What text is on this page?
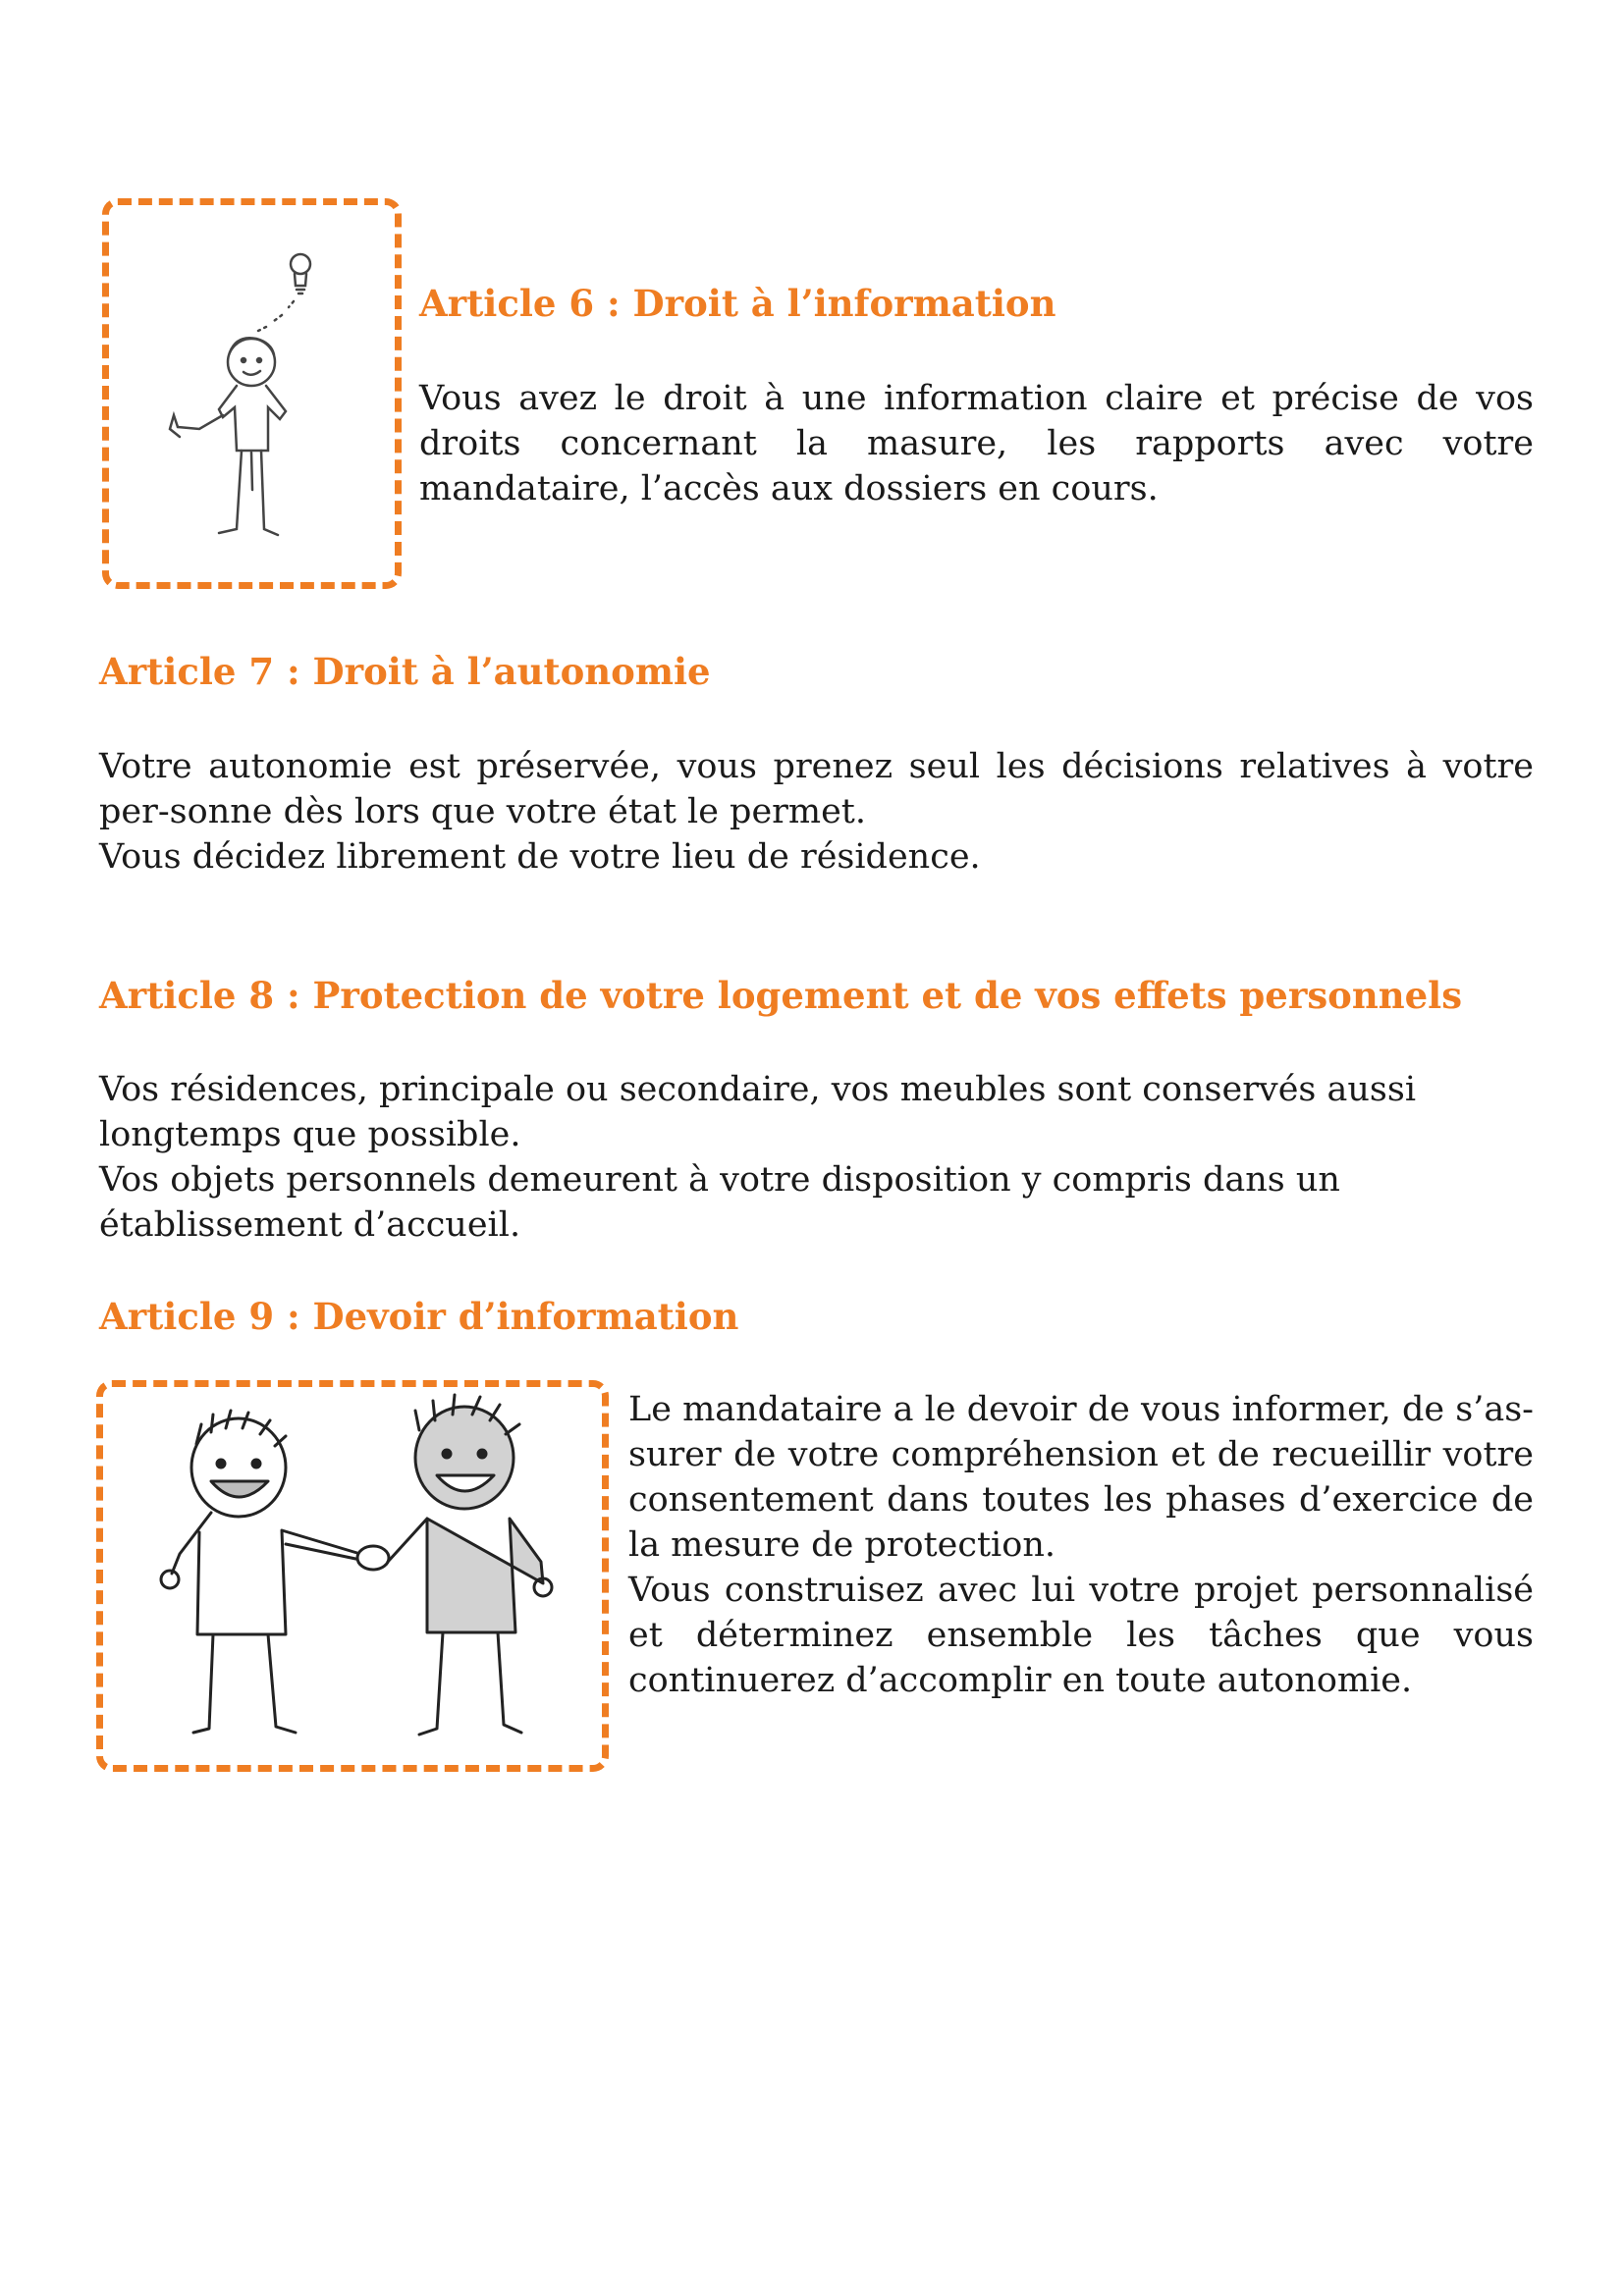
Article 6 : Droit à l’information

Vous avez le droit à une information claire et précise de vos droits concernant la masure, les rapports avec votre mandataire, l’accès aux dossiers en cours.

Article 7 : Droit à l’autonomie

Votre autonomie est préservée, vous prenez seul les décisions relatives à votre per-sonne dès lors que votre état le permet.

Vous décidez librement de votre lieu de résidence.

Article 8 : Protection de votre logement et de vos effets personnels

Vos résidences, principale ou secondaire, vos meubles sont conservés aussi longtemps que possible.

Vos objets personnels demeurent à votre disposition y compris dans un établissement d’accueil.

Article 9 : Devoir d’information

Le mandataire a le devoir de vous informer, de s’as-surer de votre compréhension et de recueillir votre consentement dans toutes les phases d’exercice de la mesure de protection.

Vous construisez avec lui votre projet personnalisé et déterminez ensemble les tâches que vous continuerez d’accomplir en toute autonomie.
